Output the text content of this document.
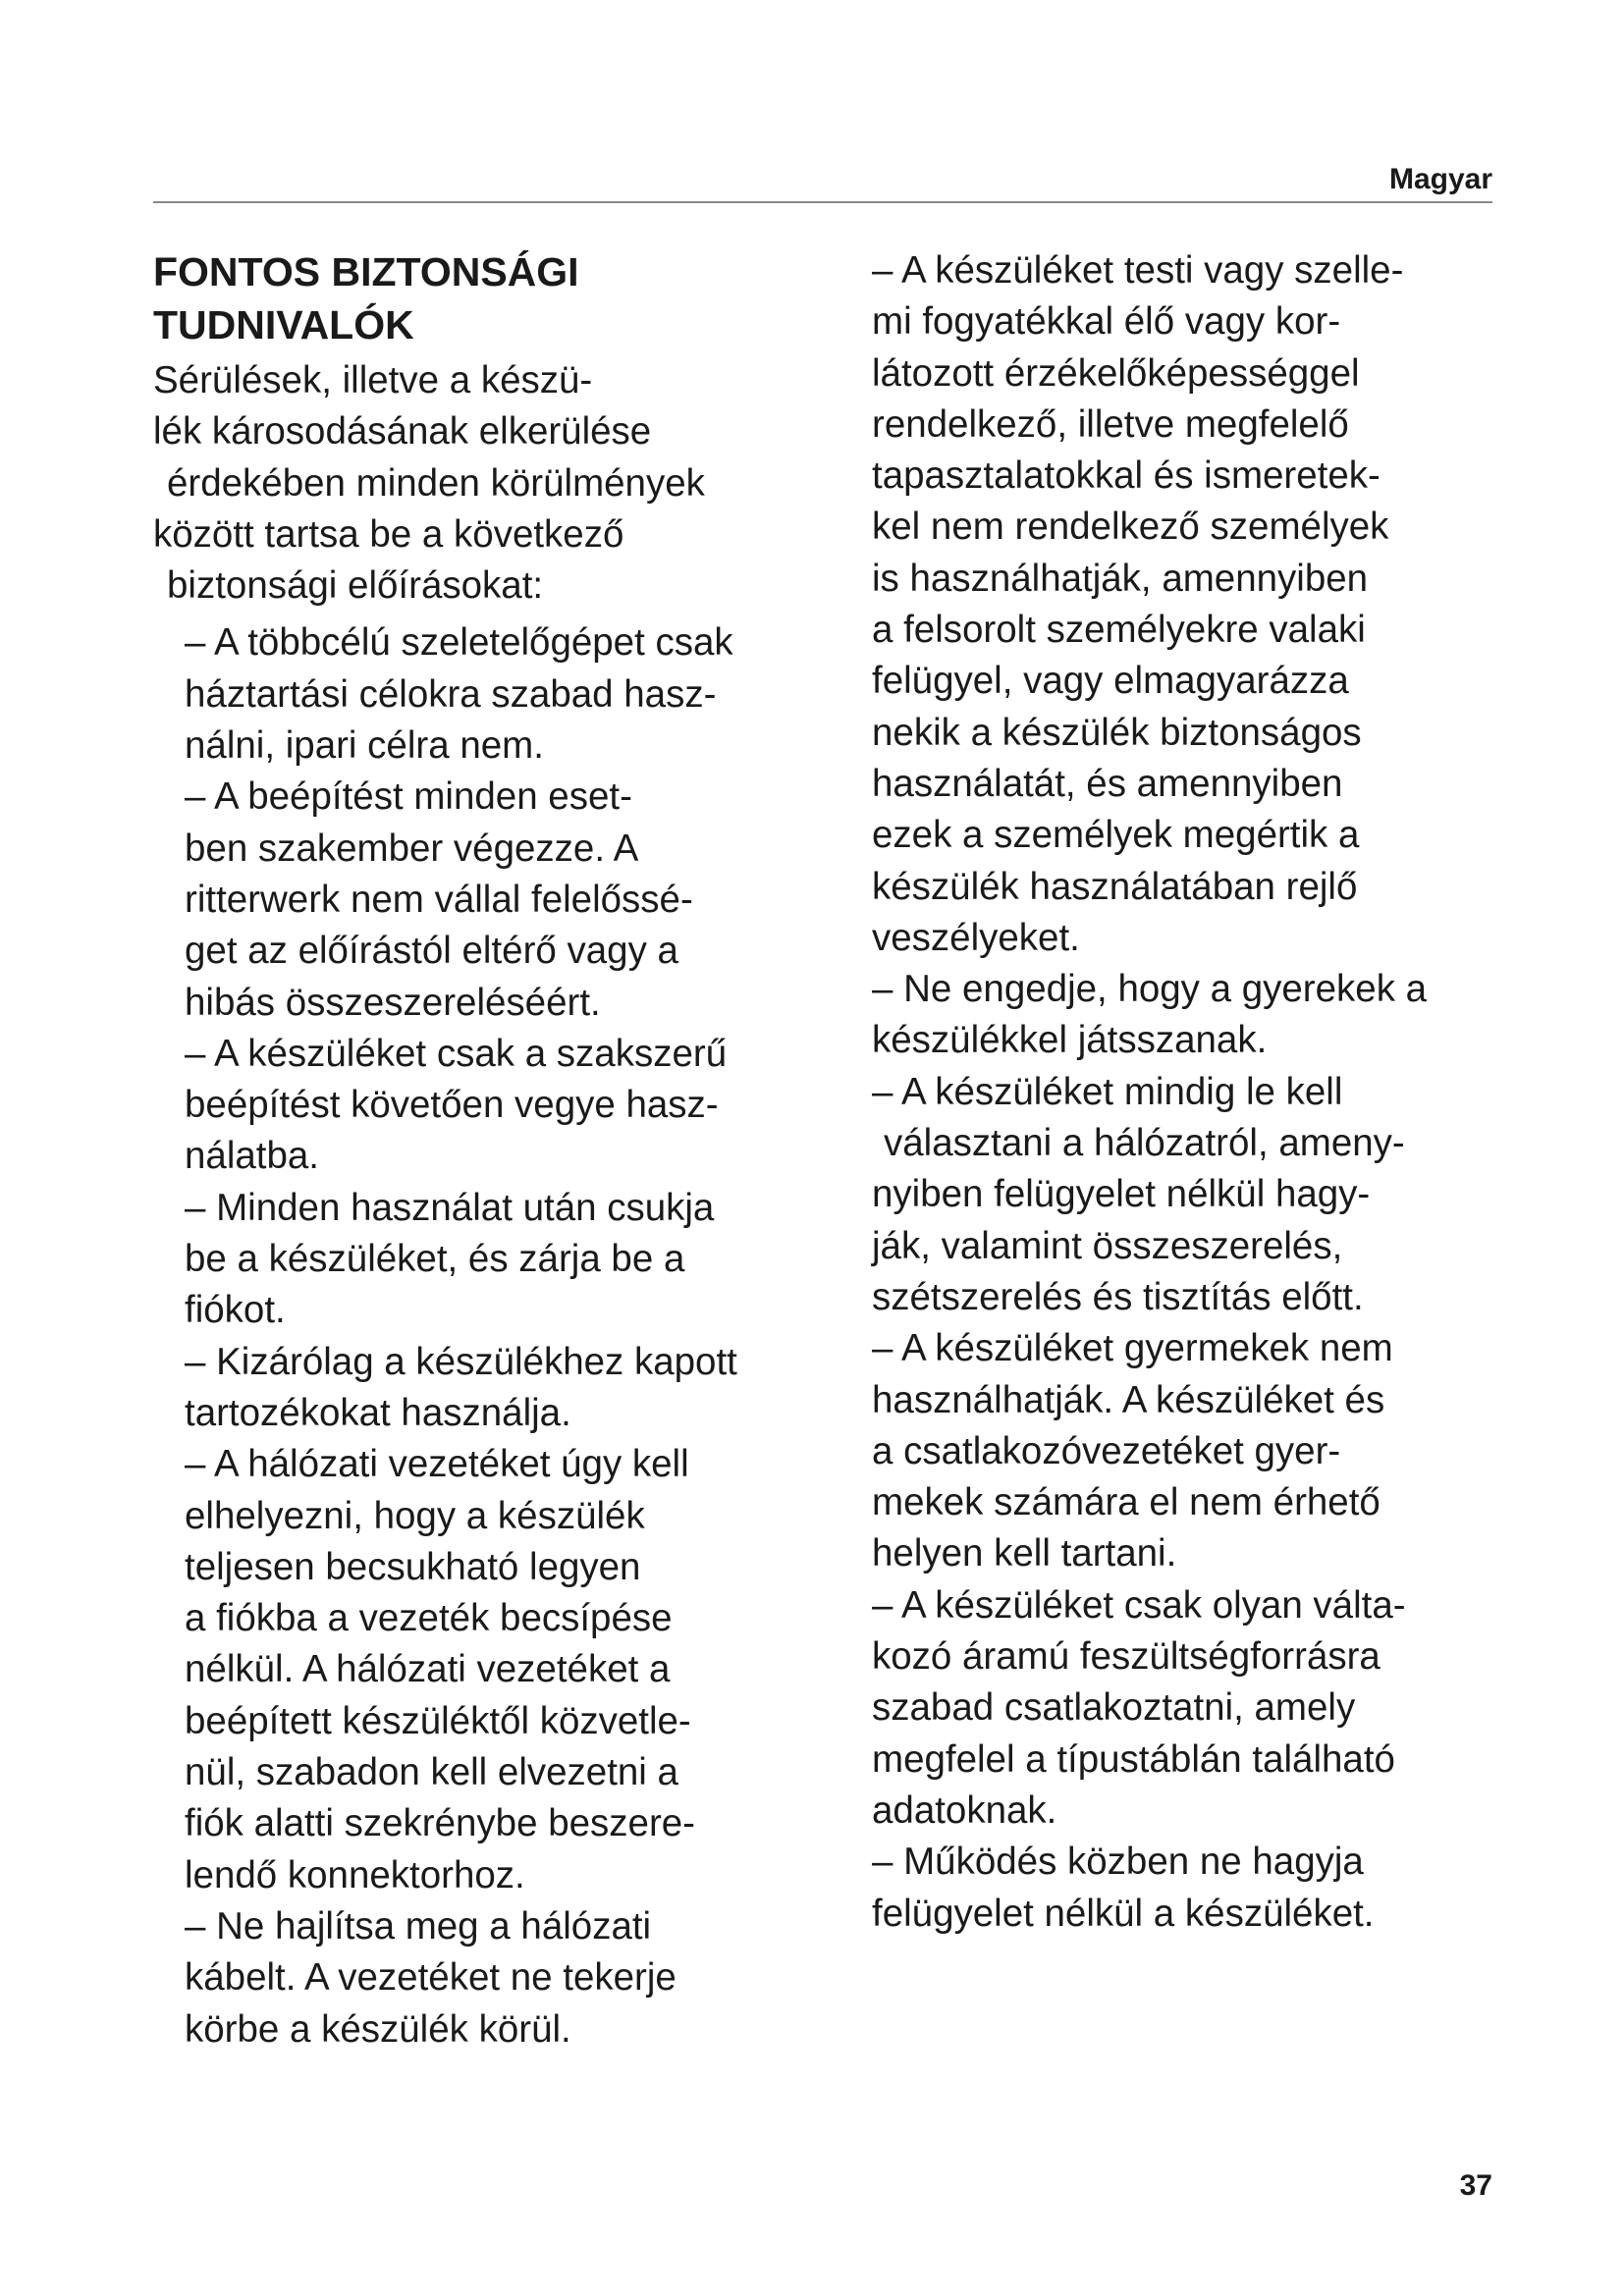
Magyar
FONTOS BIZTONSÁGI
TUDNIVALÓK
Sérülések, illetve a készü-
lék károsodásának elkerülése
érdekében minden körülmények
között tartsa be a következő
biztonsági előírásokat:
– A többcélú szeletelőgépet csak
háztartási célokra szabad hasz-
nálni, ipari célra nem.
– A beépítést minden eset-
ben szakember végezze. A
ritterwerk nem vállal felelőssé-
get az előírástól eltérő vagy a
hibás összeszereléséért.
– A készüléket csak a szakszerű
beépítést követően vegye hasz-
nálatba.
– Minden használat után csukja
be a készüléket, és zárja be a
fiókot.
– Kizárólag a készülékhez kapott
tartozékokat használja.
– A hálózati vezetéket úgy kell
elhelyezni, hogy a készülék
teljesen becsukható legyen
a fiókba a vezeték becsípése
nélkül. A hálózati vezetéket a
beépített készüléktől közvetle-
nül, szabadon kell elvezetni a
fiók alatti szekrénybe beszere-
lendő konnektorhoz.
– Ne hajlítsa meg a hálózati
kábelt. A vezetéket ne tekerje
körbe a készülék körül.
– A készüléket testi vagy szelle-
mi fogyatékkal élő vagy kor-
látozott érzékelőképességgel
rendelkező, illetve megfelelő
tapasztalatokkal és ismeretek-
kel nem rendelkező személyek
is használhatják, amennyiben
a felsorolt személyekre valaki
felügyel, vagy elmagyarázza
nekik a készülék biztonságos
használatát, és amennyiben
ezek a személyek megértik a
készülék használatában rejlő
veszélyeket.
– Ne engedje, hogy a gyerekek a
készülékkel játsszanak.
– A készüléket mindig le kell
választani a hálózatról, ameny-
nyiben felügyelet nélkül hagy-
ják, valamint összeszerelés,
szétszerelés és tisztítás előtt.
– A készüléket gyermekek nem
használhatják. A készüléket és
a csatlakozóvezetéket gyer-
mekek számára el nem érhető
helyen kell tartani.
– A készüléket csak olyan válta-
kozó áramú feszültségforrásra
szabad csatlakoztatni, amely
megfelel a típustáblán található
adatoknak.
– Működés közben ne hagyja
felügyelet nélkül a készüléket.
37
